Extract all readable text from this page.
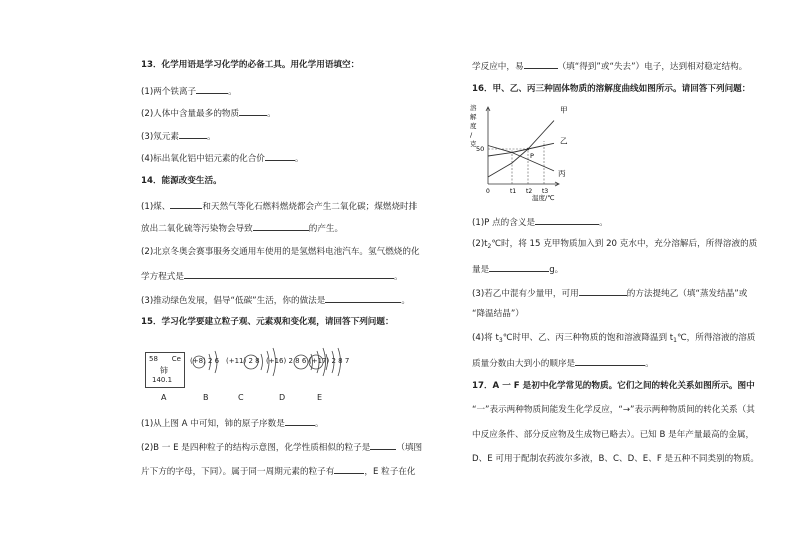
13．化学用语是学习化学的必备工具。用化学用语填空：
(1)两个铁离子	。
(2)人体中含量最多的物质	。
(3)氖元素	。
(4)标出氧化铝中铝元素的化合价	。
14．能源改变生活。
(1)煤、	和天然气等化石燃料燃烧都会产生二氧化碳；煤燃烧时排
放出二氧化硫等污染物会导致	的产生。
(2)北京冬奥会赛事服务交通用车使用的是氢燃料电池汽车。氢气燃烧的化
学方程式是	。
(3)推动绿色发展，倡导“低碳”生活，你的做法是	。
15．学习化学要建立粒子观、元素观和变化观，请回答下列问题：
58 Ce
铈
140.1
(+8) 2 6 (+11) 2 8 (+16) 2 8 6 (+17) 2 8 7
A	B	C	D	E
(1)从上图 A 中可知，铈的原子序数是	。
(2)B 一 E 是四种粒子的结构示意图，化学性质相似的粒子是	（填图
片下方的字母，下同）。属于同一周期元素的粒子有	，E 粒子在化
学反应中，易	（填“得到”或“失去”）电子，达到相对稳定结构。
16．甲、乙、丙三种固体物质的溶解度曲线如图所示。请回答下列问题：
溶
解
度
/
克
50
0	t1 t2 t3
温度/℃
甲
乙
丙
P
(1)P 点的含义是	。
$(2)t_2℃$时，将 15 克甲物质加入到 20 克水中，充分溶解后，所得溶液的质
量是	g。
(3)若乙中混有少量甲，可用	的方法提纯乙（填“蒸发结晶”或
“降温结晶”）
(4)将 $t_3℃$时甲、乙、丙三种物质的饱和溶液降温到 $t_1℃$，所得溶液的溶质
质量分数由大到小的顺序是	。
17．A 一 F 是初中化学常见的物质。它们之间的转化关系如图所示。图中
“一”表示两种物质间能发生化学反应，“→”表示两种物质间的转化关系（其
中反应条件、部分反应物及生成物已略去）。已知 B 是年产量最高的金属，
D、E 可用于配制农药波尔多液，B、C、D、E、F 是五种不同类别的物质。
